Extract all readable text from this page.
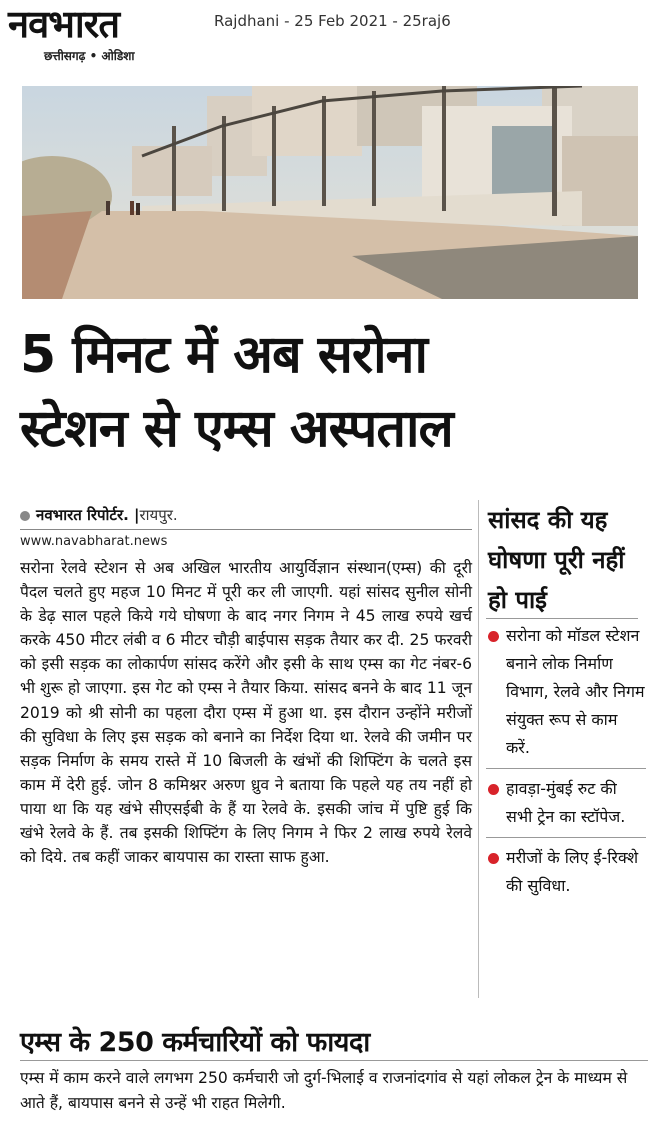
नवभारत
छत्तीसगढ़ • ओडिशा
Rajdhani - 25 Feb 2021 - 25raj6
5 मिनट में अब सरोना
स्टेशन से एम्स अस्पताल
नवभारत रिपोर्टर. |रायपुर.
www.navabharat.news
सरोना रेलवे स्टेशन से अब अखिल भारतीय आयुर्विज्ञान संस्थान(एम्स) की दूरी पैदल चलते हुए महज 10 मिनट में पूरी कर ली जाएगी. यहां सांसद सुनील सोनी के डेढ़ साल पहले किये गये घोषणा के बाद नगर निगम ने 45 लाख रुपये खर्च करके 450 मीटर लंबी व 6 मीटर चौड़ी बाईपास सड़क तैयार कर दी. 25 फरवरी को इसी सड़क का लोकार्पण सांसद करेंगे और इसी के साथ एम्स का गेट नंबर-6 भी शुरू हो जाएगा. इस गेट को एम्स ने तैयार किया. सांसद बनने के बाद 11 जून 2019 को श्री सोनी का पहला दौरा एम्स में हुआ था. इस दौरान उन्होंने मरीजों की सुविधा के लिए इस सड़क को बनाने का निर्देश दिया था. रेलवे की जमीन पर सड़क निर्माण के समय रास्ते में 10 बिजली के खंभों की शिफ्टिंग के चलते इस काम में देरी हुई. जोन 8 कमिश्नर अरुण ध्रुव ने बताया कि पहले यह तय नहीं हो पाया था कि यह खंभे सीएसईबी के हैं या रेलवे के. इसकी जांच में पुष्टि हुई कि खंभे रेलवे के हैं. तब इसकी शिफ्टिंग के लिए निगम ने फिर 2 लाख रुपये रेलवे को दिये. तब कहीं जाकर बायपास का रास्ता साफ हुआ.
सांसद की यह घोषणा पूरी नहीं हो पाई
सरोना को मॉडल स्टेशन बनाने लोक निर्माण विभाग, रेलवे और निगम संयुक्त रूप से काम करें.
हावड़ा-मुंबई रुट की सभी ट्रेन का स्टॉपेज.
मरीजों के लिए ई-रिक्शे की सुविधा.
एम्स के 250 कर्मचारियों को फायदा
एम्स में काम करने वाले लगभग 250 कर्मचारी जो दुर्ग-भिलाई व राजनांदगांव से यहां लोकल ट्रेन के माध्यम से आते हैं, बायपास बनने से उन्हें भी राहत मिलेगी.
